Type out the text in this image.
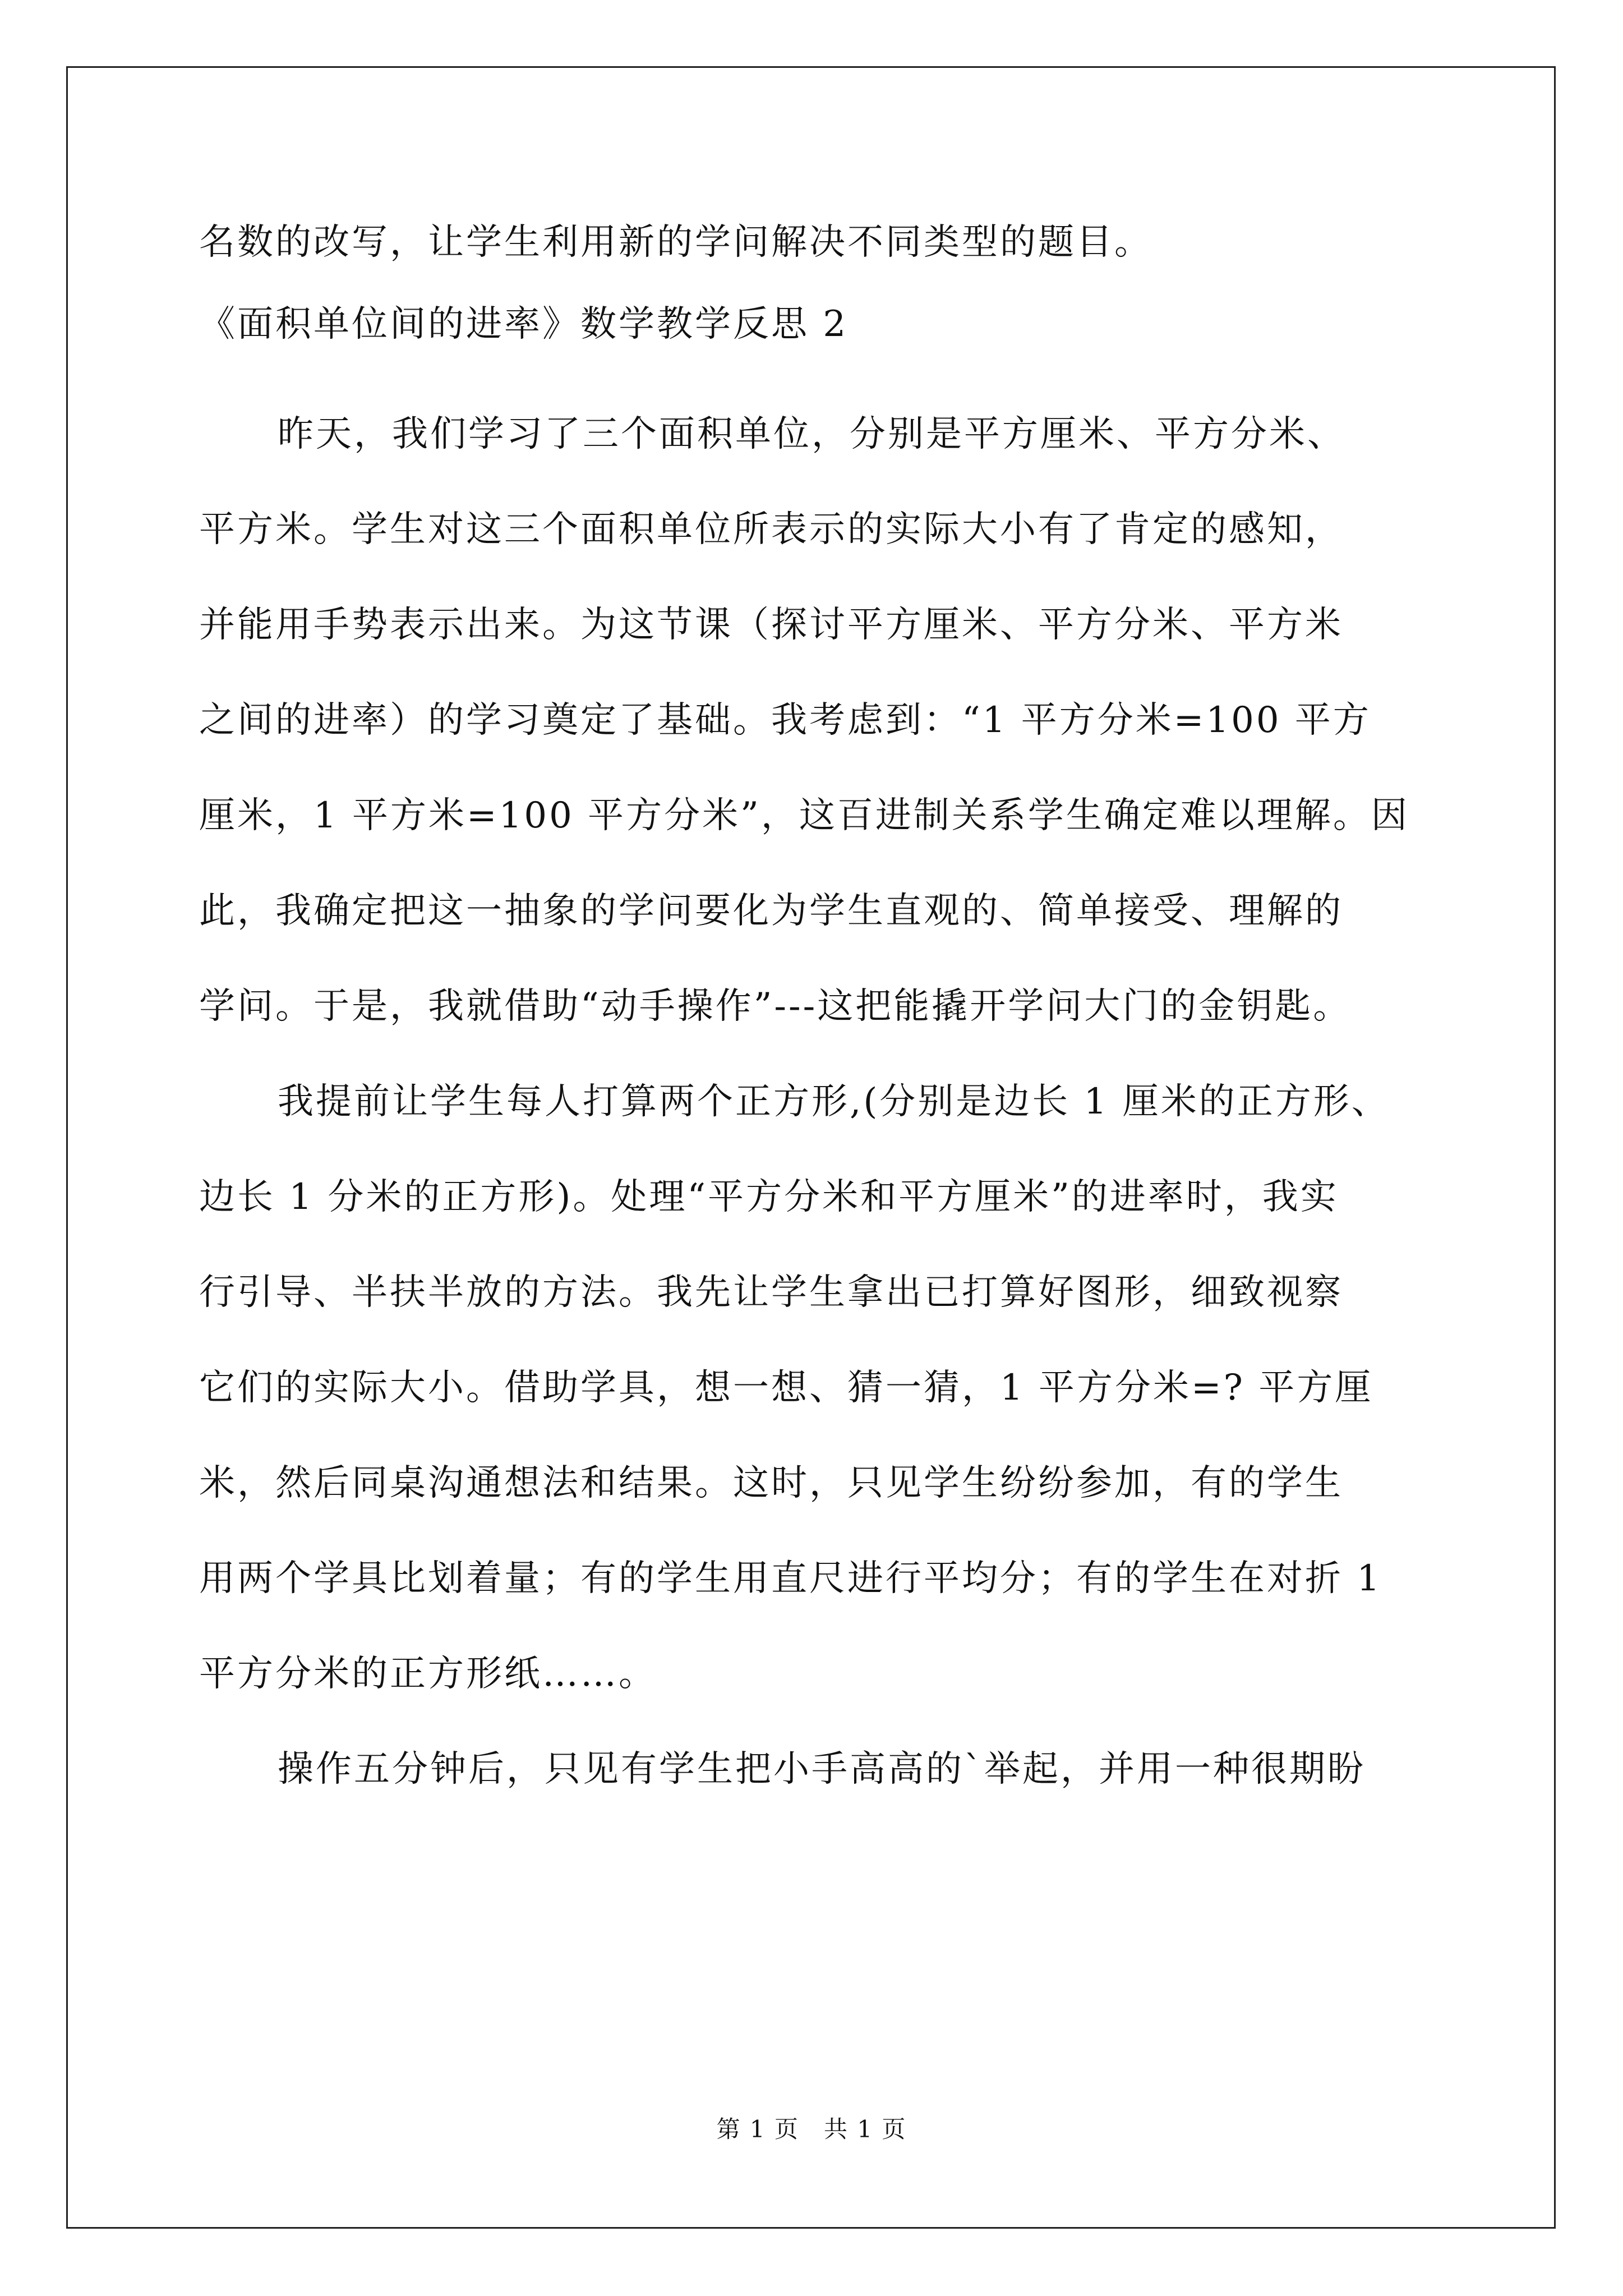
名数的改写，让学生利用新的学问解决不同类型的题目。
《面积单位间的进率》数学教学反思 2
昨天，我们学习了三个面积单位，分别是平方厘米、平方分米、
平方米。学生对这三个面积单位所表示的实际大小有了肯定的感知，
并能用手势表示出来。为这节课（探讨平方厘米、平方分米、平方米
之间的进率）的学习奠定了基础。我考虑到：“1 平方分米=100 平方
厘米，1 平方米=100 平方分米”，这百进制关系学生确定难以理解。因
此，我确定把这一抽象的学问要化为学生直观的、简单接受、理解的
学问。于是，我就借助“动手操作”---这把能撬开学问大门的金钥匙。
我提前让学生每人打算两个正方形,(分别是边长 1 厘米的正方形、
边长 1 分米的正方形)。处理“平方分米和平方厘米”的进率时，我实
行引导、半扶半放的方法。我先让学生拿出已打算好图形，细致视察
它们的实际大小。借助学具，想一想、猜一猜，1 平方分米=? 平方厘
米，然后同桌沟通想法和结果。这时，只见学生纷纷参加，有的学生
用两个学具比划着量；有的学生用直尺进行平均分；有的学生在对折 1
平方分米的正方形纸……。
操作五分钟后，只见有学生把小手高高的`举起，并用一种很期盼
第 1 页　共 1 页
